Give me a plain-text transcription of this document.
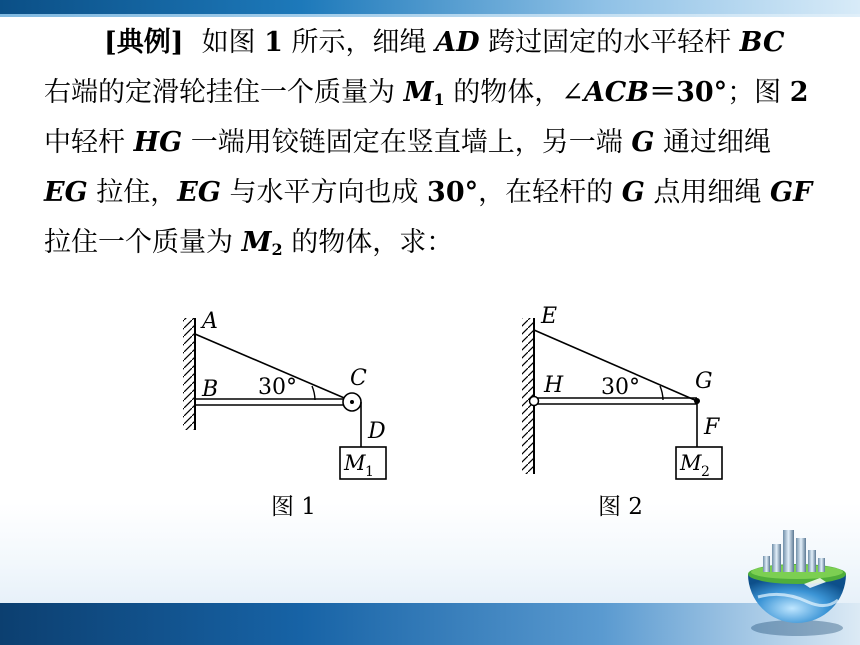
[典例] 如图 1 所示，细绳 AD 跨过固定的水平轻杆 BC
右端的定滑轮挂住一个质量为 $M_1$ 的物体，∠ACB＝30°；图 2
中轻杆 HG 一端用铰链固定在竖直墙上，另一端 G 通过细绳
EG 拉住，EG 与水平方向也成 30°，在轻杆的 G 点用细绳 GF
拉住一个质量为 $M_2$ 的物体，求：
A
B	C
D
30°
M 1
图 1
E
H	G
F
30°
M 2
图 2
